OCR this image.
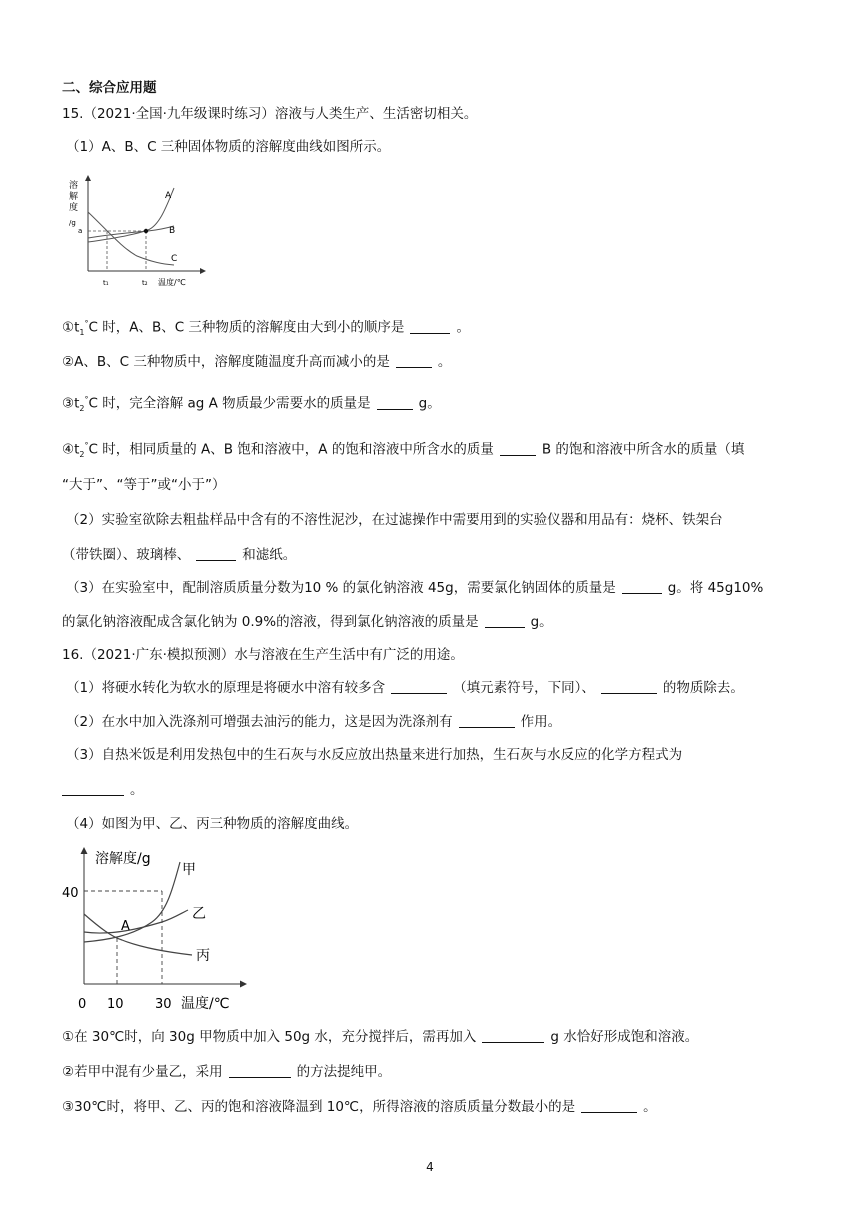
二、综合应用题
15.（2021·全国·九年级课时练习）溶液与人类生产、生活密切相关。
（1）A、B、C 三种固体物质的溶解度曲线如图所示。
溶
解
度
/g
a
t₁	t₂ 温度/℃
A
B
C
$①t_1^\circ C$ 时，A、B、C 三种物质的溶解度由大到小的顺序是	。
②A、B、C 三种物质中，溶解度随温度升高而减小的是	。
$③t_2^\circ C$ 时，完全溶解 ag A 物质最少需要水的质量是	g。
$④t_2^\circ C$ 时，相同质量的 A、B 饱和溶液中，A 的饱和溶液中所含水的质量	B 的饱和溶液中所含水的质量（填
“大于”、“等于”或“小于”）
（2）实验室欲除去粗盐样品中含有的不溶性泥沙，在过滤操作中需要用到的实验仪器和用品有：烧杯、铁架台
（带铁圈）、玻璃棒、	和滤纸。
（3）在实验室中，配制溶质质量分数为10 % 的氯化钠溶液 45g，需要氯化钠固体的质量是	g。将 45g10%
的氯化钠溶液配成含氯化钠为 0.9%的溶液，得到氯化钠溶液的质量是	g。
16.（2021·广东·模拟预测）水与溶液在生产生活中有广泛的用途。
（1）将硬水转化为软水的原理是将硬水中溶有较多含	（填元素符号，下同）、	的物质除去。
（2）在水中加入洗涤剂可增强去油污的能力，这是因为洗涤剂有	作用。
（3）自热米饭是利用发热包中的生石灰与水反应放出热量来进行加热，生石灰与水反应的化学方程式为
。
（4）如图为甲、乙、丙三种物质的溶解度曲线。
溶解度/g
40
0 10 30 温度/℃
A
甲
乙
丙
①在 30℃时，向 30g 甲物质中加入 50g 水，充分搅拌后，需再加入	g 水恰好形成饱和溶液。
②若甲中混有少量乙，采用	的方法提纯甲。
③30℃时，将甲、乙、丙的饱和溶液降温到 10℃，所得溶液的溶质质量分数最小的是	。
4
